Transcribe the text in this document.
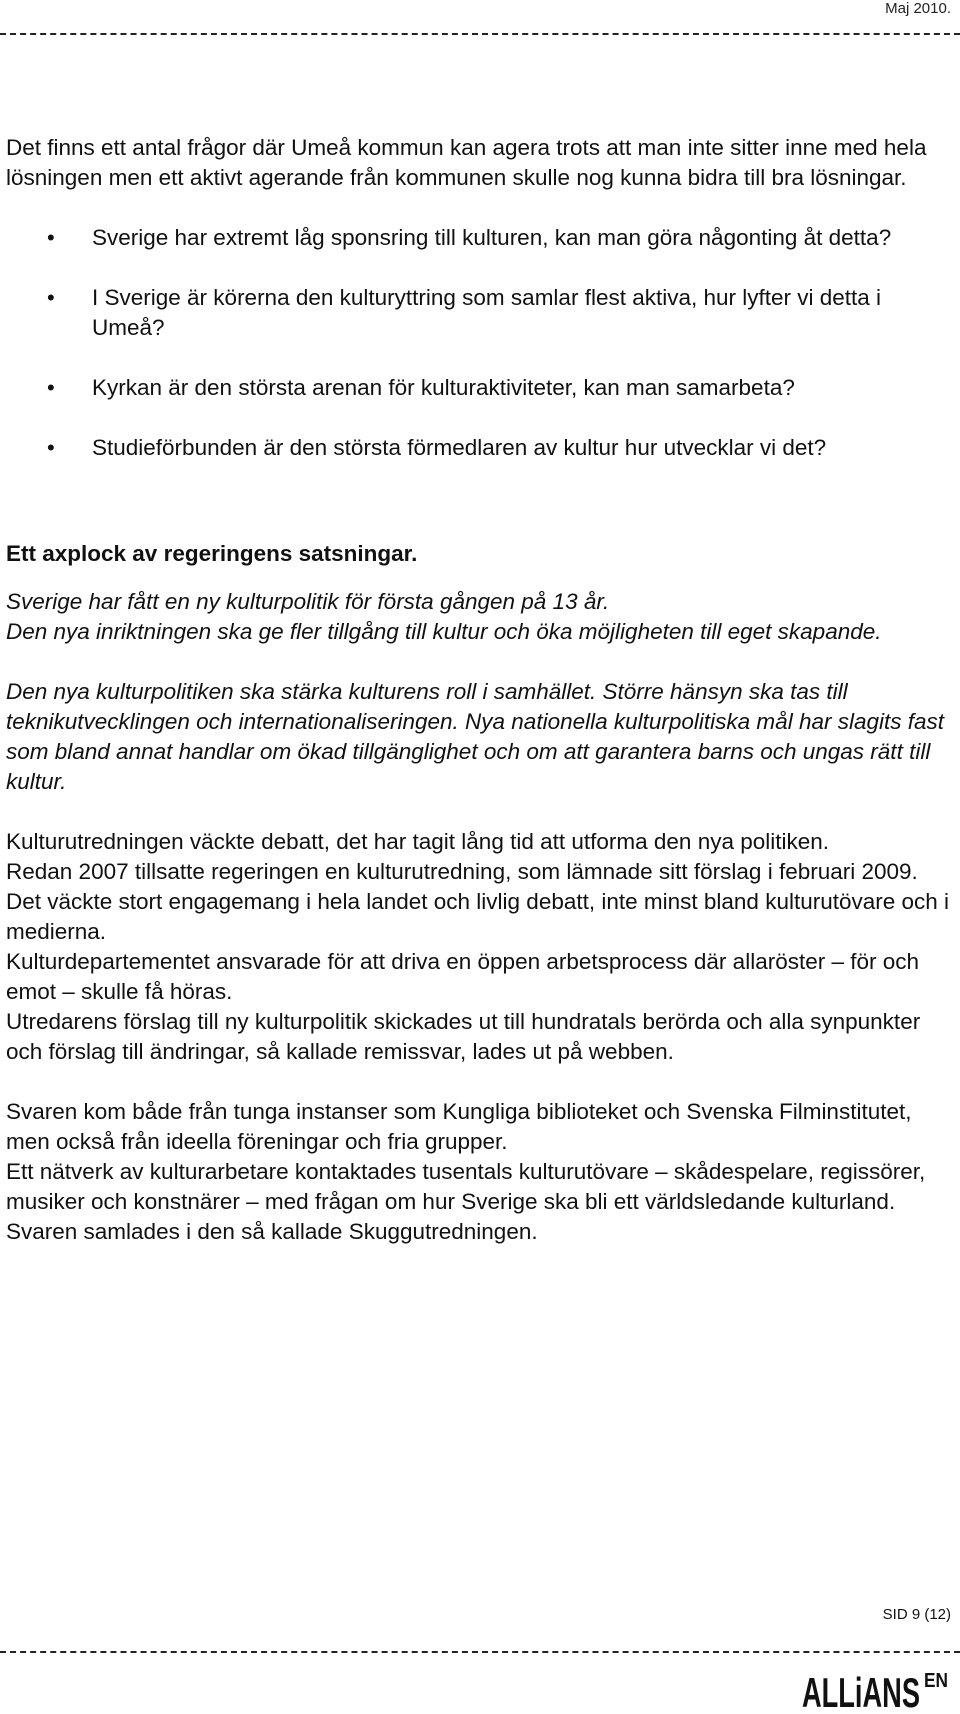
Maj 2010.

Det finns ett antal frågor där Umeå kommun kan agera trots att man inte sitter inne med hela lösningen men ett aktivt agerande från kommunen skulle nog kunna bidra till bra lösningar.

• Sverige har extremt låg sponsring till kulturen, kan man göra någonting åt detta?
• I Sverige är körerna den kulturyttring som samlar flest aktiva, hur lyfter vi detta i Umeå?
• Kyrkan är den största arenan för kulturaktiviteter, kan man samarbeta?
• Studieförbunden är den största förmedlaren av kultur hur utvecklar vi det?
Ett axplock av regeringens satsningar.

Sverige har fått en ny kulturpolitik för första gången på 13 år.

Den nya inriktningen ska ge fler tillgång till kultur och öka möjligheten till eget skapande.

Den nya kulturpolitiken ska stärka kulturens roll i samhället. Större hänsyn ska tas till teknikutvecklingen och internationaliseringen. Nya nationella kulturpolitiska mål har slagits fast som bland annat handlar om ökad tillgänglighet och om att garantera barns och ungas rätt till kultur.

Kulturutredningen väckte debatt, det har tagit lång tid att utforma den nya politiken.

Redan 2007 tillsatte regeringen en kulturutredning, som lämnade sitt förslag i februari 2009. Det väckte stort engagemang i hela landet och livlig debatt, inte minst bland kulturutövare och i medierna.

Kulturdepartementet ansvarade för att driva en öppen arbetsprocess där allaröster – för och emot – skulle få höras.

Utredarens förslag till ny kulturpolitik skickades ut till hundratals berörda och alla synpunkter och förslag till ändringar, så kallade remissvar, lades ut på webben.

Svaren kom både från tunga instanser som Kungliga biblioteket och Svenska Filminstitutet, men också från ideella föreningar och fria grupper.

Ett nätverk av kulturarbetare kontaktades tusentals kulturutövare – skådespelare, regissörer, musiker och konstnärer – med frågan om hur Sverige ska bli ett världsledande kulturland.

Svaren samlades i den så kallade Skuggutredningen.

SID 9 (12)
ALLiANS EN
